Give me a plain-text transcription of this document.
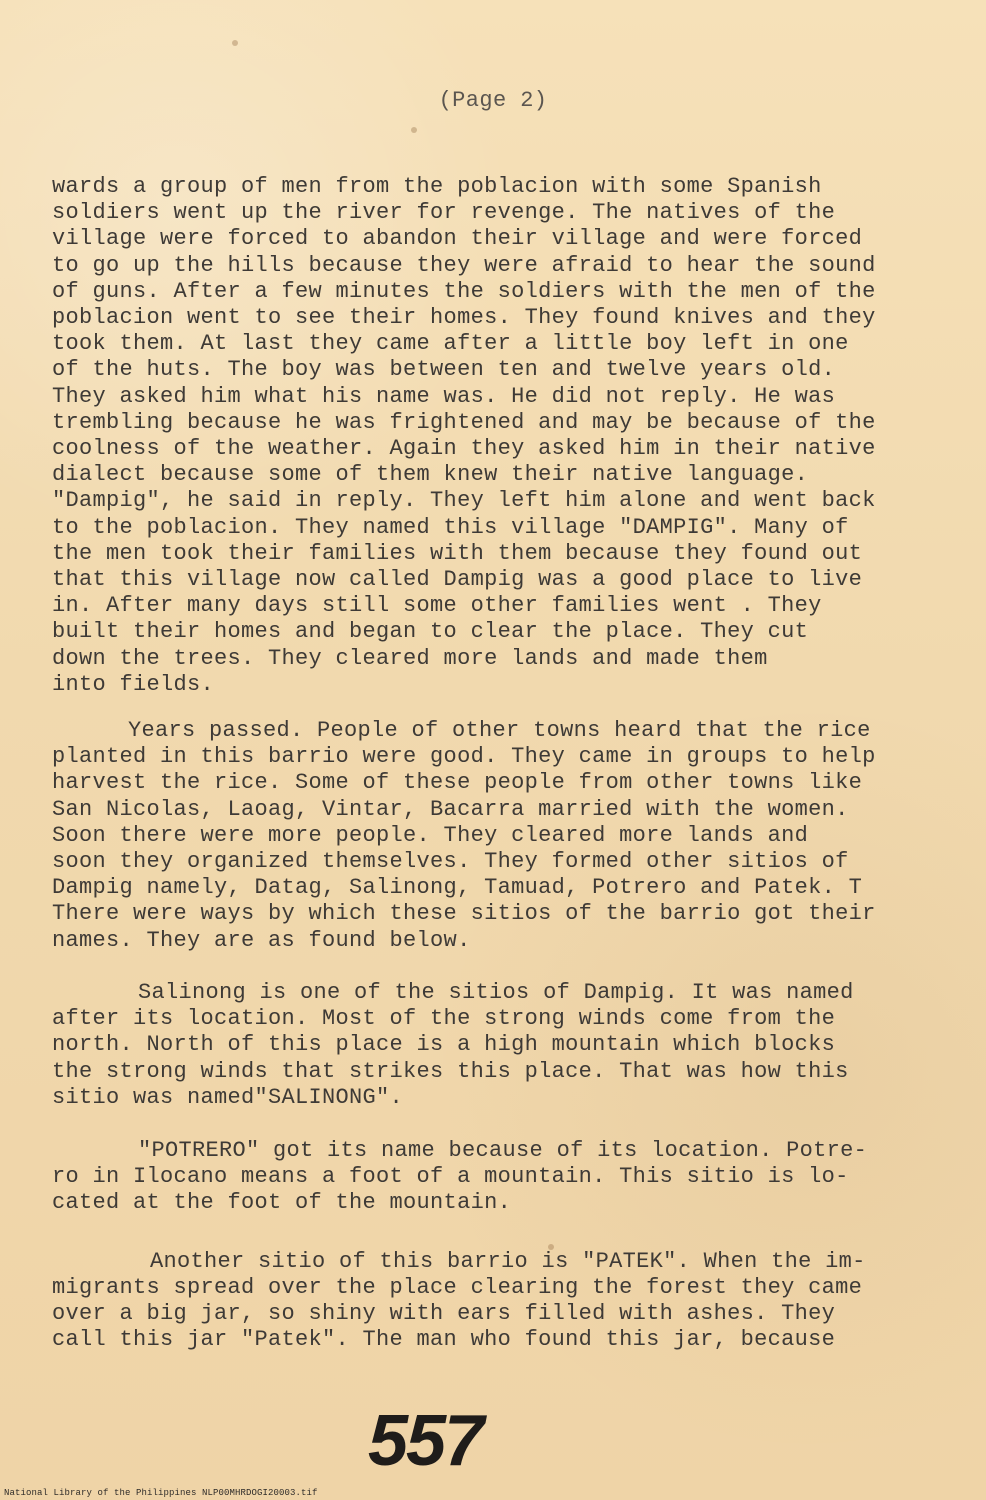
(Page 2)

wards a group of men from the poblacion with some Spanish
soldiers went up the river for revenge. The natives of the
village were forced to abandon their village and were forced
to go up the hills because they were afraid to hear the sound
of guns. After a few minutes the soldiers with the men of the
poblacion went to see their homes. They found knives and they
took them. At last they came after a little boy left in one
of the huts. The boy was between ten and twelve years old.
They asked him what his name was. He did not reply. He was
trembling because he was frightened and may be because of the
coolness of the weather. Again they asked him in their native
dialect because some of them knew their native language.
"Dampig", he said in reply. They left him alone and went back
to the poblacion. They named this village "DAMPIG". Many of
the men took their families with them because they found out
that this village now called Dampig was a good place to live
in. After many days still some other families went . They
built their homes and began to clear the place. They cut
down the trees. They cleared more lands and made them
into fields.

Years passed. People of other towns heard that the rice
planted in this barrio were good. They came in groups to help
harvest the rice. Some of these people from other towns like
San Nicolas, Laoag, Vintar, Bacarra married with the women.
Soon there were more people. They cleared more lands and
soon they organized themselves. They formed other sitios of
Dampig namely, Datag, Salinong, Tamuad, Potrero and Patek. T
There were ways by which these sitios of the barrio got their
names. They are as found below.

Salinong is one of the sitios of Dampig. It was named
after its location. Most of the strong winds come from the
north. North of this place is a high mountain which blocks
the strong winds that strikes this place. That was how this
sitio was named"SALINONG".

"POTRERO" got its name because of its location. Potre-
ro in Ilocano means a foot of a mountain. This sitio is lo-
cated at the foot of the mountain.

Another sitio of this barrio is "PATEK". When the im-
migrants spread over the place clearing the forest they came
over a big jar, so shiny with ears filled with ashes. They
call this jar "Patek". The man who found this jar, because

557
National Library of the Philippines NLP00MHRDOGI20003.tif
